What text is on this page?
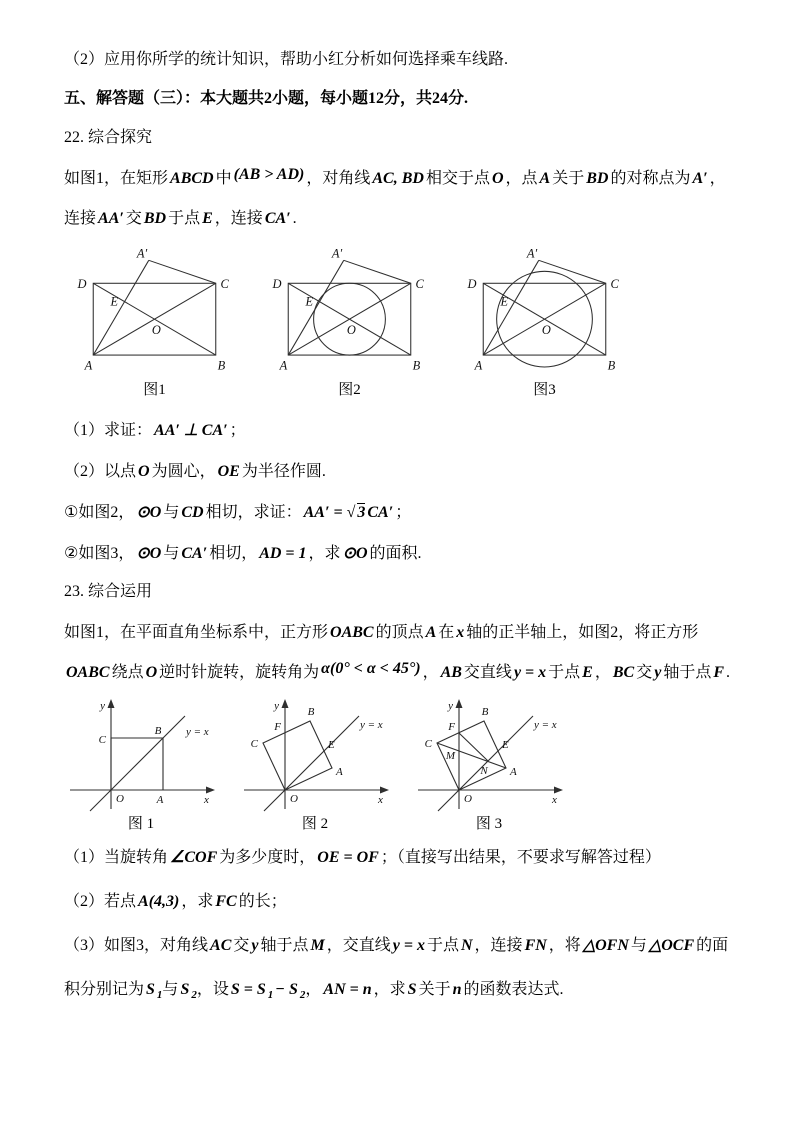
（2）应用你所学的统计知识，帮助小红分析如何选择乘车线路.

五、解答题（三）：本大题共2小题，每小题12分，共24分.

22. 综合探究

如图1，在矩形 ABCD 中 (AB > AD) ，对角线 AC, BD 相交于点 O ，点 A 关于 BD 的对称点为 A′ ，连接 AA′ 交 BD 于点 E ，连接 CA′ .

A′
D	C
E
O
A	B
图1
A′
D	C
E
O
A	B
图2
A′
D	C
E
O
A	B
图3

（1）求证： AA′ ⊥ CA′ ；

（2）以点 O 为圆心， OE 为半径作圆.

①如图2， ⊙O 与 CD 相切，求证： AA′ = √ 3 CA′ ；

②如图3， ⊙O 与 CA′ 相切， AD = 1 ，求 ⊙O 的面积.

23. 综合运用

如图1，在平面直角坐标系中，正方形 OABC 的顶点 A 在 x 轴的正半轴上，如图2，将正方形OABC 绕点 O 逆时针旋转，旋转角为 α(0° < α < 45°) ， AB 交直线 y = x 于点 E ， BC 交 y 轴于点 F .

y
x
O	A
B
C
y = x
图 1
y
x
O
B
F
C	E
A
y = x
图 2
y
x
O
B
F
C
M
N
E
A
y = x
图 3

（1）当旋转角 ∠COF 为多少度时， OE = OF ；（直接写出结果，不要求写解答过程）

（2）若点 A(4,3) ，求 FC 的长；

（3）如图3，对角线 AC 交 y 轴于点 M ，交直线 y = x 于点 N ，连接 FN ，将 △OFN 与 △OCF 的面积分别记为 S $_1$与 S $_2$，设 S = S $_1$ − S $_2$， AN = n ，求 S 关于 n 的函数表达式.
